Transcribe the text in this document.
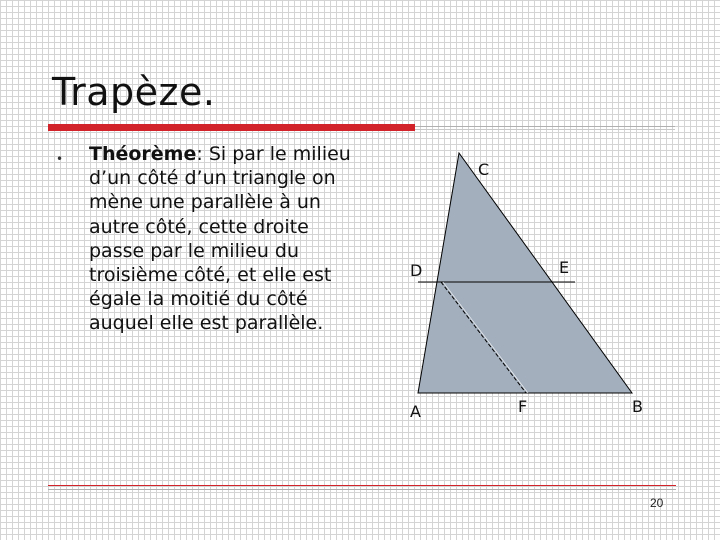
Trapèze.
• Théorème: Si par le milieu d’un côté d’un triangle on mène une parallèle à un autre côté, cette droite passe par le milieu du troisième côté, et elle est égale la moitié du côté auquel elle est parallèle.

C
D	E
A	F	B
20
